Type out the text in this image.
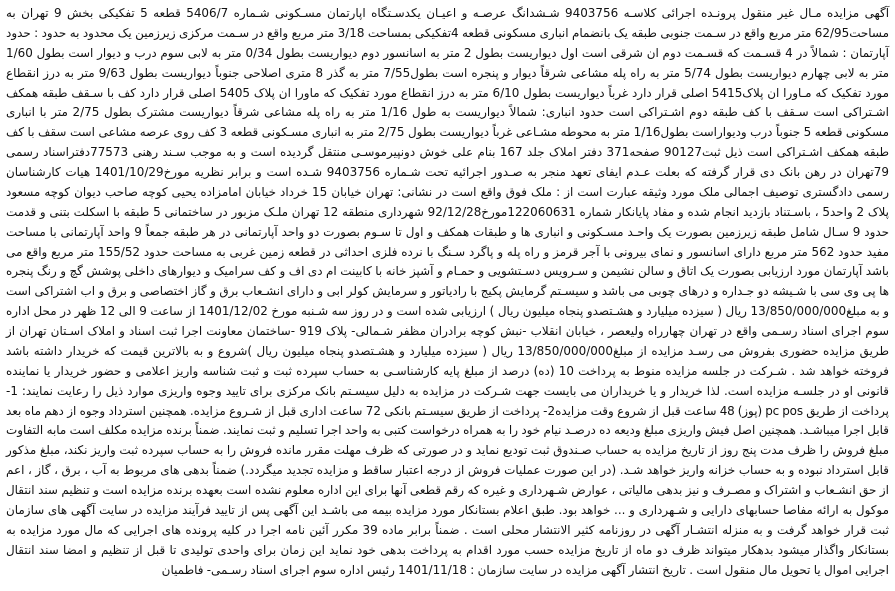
آگهی مزایده مـال غیر منقول پرونـده اجرائی کلاسـه 9403756 شـشدانگ عرصـه و اعیـان یکدسـتگاه اپارتمان مسـکونی شـماره 5406/7 قطعه 5 تفکیکی بخش 9 تهران به مساحت62/95 متر مربع واقع در سـمت جنوبی طبقه یک بانضمام انباری مسکونی قطعه 4تفکیکی بمساحت 3/18 متر مربع واقع در سـمت مرکزی زیرزمین یک محدود به حدود : حدود آپارتمان : شمالاً در 4 قسـمت که قسـمت دوم ان شرقی است اول دیواریست بطول 2 متر به اسانسور دوم دیواریست بطول 0/34 متر به لابی سوم درب و دیوار است بطول 1/60 متر به لابی چهارم دیواریست بطول 5/74 متر به راه پله مشاعی شرقاً دیوار و پنجره است بطول7/55 متر به گذر 8 متری اصلاحی جنوباً دیواریست بطول 9/63 متر به درز انقطاع مورد تفکیک که مـاورا ان پلاک5415 اصلی قرار دارد غرباً دیواریست بطول 6/10 متر به درز انقطاع مورد تفکیک که ماورا ان پلاک 5405 اصلی قرار دارد کف با سـقف طبقه همکف اشـتراکی است سـقف با کف طبقه دوم اشـتراکی است حدود انباری: شمالاً دیواریست به طول 1/16 متر به راه پله مشاعی شرقاً دیواریست مشترک بطول 2/75 متر با انباری مسکونی قطعه 5 جنوباً درب ودیواراست بطول1/16 متر به محوطه مشـاعی غرباً دیواریست بطول 2/75 متر به انباری مسـکونی قطعه 3 کف روی عرصه مشاعی است سقف با کف طبقه همکف اشـتراکی است ذیل ثبت90127 صفحه371 دفتر املاک جلد 167 بنام علی خوش دونپیرموسـی منتقل گردیده است و به موجب سـند رهنی 77573دفتراسناد رسمی 79تهران در رهن بانک دی قرار گرفته که بعلت عـدم ایفای تعهد منجر به صـدور اجرائیه تحت شـماره 9403756 شـده است و برابر نظریه مورخ1401/10/29 هیات کارشناسان رسمی دادگستری توصیف اجمالی ملک مورد وثیقه عبارت است از : ملک فوق واقع است در نشانی: تهران خیابان 15 خرداد خیابان امامزاده یحیی کوچه صاحب دیوان کوچه مسعود پلاک 2 واحد5 ، باسـتناد بازدید انجام شده و مفاد پایانکار شماره 122060631مورخ92/12/28 شهرداری منطقه 12 تهران ملـک مزبور در ساختمانی 5 طبقه با اسکلت بتنی و قدمت حدود 9 سـال شامل طبقه زیرزمین بصورت یک واحـد مسـکونی و انباری ها و طبقات همکف و اول تا سـوم بصورت دو واحد آپارتمانی در هر طبقه جمعاً 9 واحد آپارتمانی با مساحت مفید حدود 562 متر مربع دارای اسانسور و نمای بیرونی با آجر قرمز و راه پله و پاگرد سـنگ با نرده فلزی احداثی در قطعه زمین غربی به مساحت حدود 155/52 متر مربع واقع می باشد آپارتمان مورد ارزیابی بصورت یک اتاق و سالن نشیمن و سـرویس دسـتشویی و حمـام و آشپز خانه با کابینت ام دی اف و کف سرامیک و دیوارهای داخلی پوشش گچ و رنگ پنجره ها پی وی سی با شـیشه دو جـداره و درهای چوبی می باشد و سیسـتم گرمایش پکیج با رادیاتور و سرمایش کولر ابی و دارای انشـعاب برق و گاز اختصاصی و برق و اب اشتراکی است و به مبلغ13/850/000/000 ریال ( سیزده میلیارد و هشـتصدو پنجاه میلیون ریال ) ارزیابی شده است و در روز سه شـنبه مورخ 1401/12/02 از ساعت 9 الی 12 ظهر در محل اداره سوم اجرای اسناد رسـمی واقع در تهران چهارراه ولیعصر ، خیابان انقلاب -نبش کوچه برادران مظفر شـمالی- پلاک 919 -ساختمان معاونت اجرا ثبت اسناد و املاک اسـتان تهران از طریق مزایده حضوری بفروش می رسـد مزایده از مبلغ13/850/000/000 ریال ( سیزده میلیارد و هشـتصدو پنجاه میلیون ریال )شروع و به بالاترین قیمت که خریدار داشته باشد فروخته خواهد شد . شـرکت در جلسه مزایده منوط به پرداخت 10 (ده) درصد از مبلغ پایه کارشناسـی به حساب سپرده ثبت و ثبت شناسه واریز اعلامی و حضور خریدار یا نماینده قانونی او در جلسـه مزایده است. لذا خریدار و یا خریداران می بایست جهت شـرکت در مزایده به دلیل سیسـتم بانک مرکزی برای تایید وجوه واریزی موارد ذیل را رعایت نمایند: 1- پرداخت از طریق pc pos (پوز) 48 ساعت قبل از شروع وقت مزایده2- پرداخت از طریق سیسـتم بانکی 72 ساعت اداری قبل از شـروع مزایده. همچنین استرداد وجوه از دهم ماه بعد قابل اجرا میباشـد. همچنین اصل فیش واریزی مبلغ ودیعه ده درصـد نیام خود را به همراه درخواست کتبی به واحد اجرا تسلیم و ثبت نمایند. ضمناً برنده مزایده مکلف است مابه التفاوت مبلغ فروش را ظرف مدت پنج روز از تاریخ مزایده به حساب صـندوق ثبت تودیع نماید و در صورتی که ظرف مهلت مقرر مانده فروش را به حساب سپرده ثبت واریز نکند، مبلغ مذکور قابل استرداد نبوده و به حساب خزانه واریز خواهد شـد. (در این صورت عملیات فروش از درجه اعتبار ساقط و مزایده تجدید میگردد.) ضمناً بدهی های مربوط به آب ، برق ، گاز ، اعم از حق انشـعاب و اشتراک و مصـرف و نیز بدهی مالیاتی ، عوارض شـهرداری و غیره که رقم قطعی آنها برای این اداره معلوم نشده است بعهده برنده مزایده است و تنظیم سند انتقال موکول به ارائه مفاصا حسابهای دارایی و شـهرداری و ... خواهد بود. طبق اعلام بستانکار مورد مزایده بیمه می باشـد این آگهی پس از تایید فرآیند مزایده در سایت آگهی های سازمان ثبت قرار خواهد گرفت و به منزله انتشـار آگهی در روزنامه کثیر الانتشار محلی است . ضمناً برابر ماده 39 مکرر آئین نامه اجرا در کلیه پرونده های اجرایی که مال مورد مزایده به بستانکار واگذار میشود بدهکار میتواند ظرف دو ماه از تاریخ مزایده حسب مورد اقدام به پرداخت بدهی خود نماید این زمان برای واحدی تولیدی تا قبل از تنظیم و امضا سند انتقال اجرایی اموال یا تحویل مال منقول است . تاریخ انتشار آگهی مزایده در سایت سازمان : 1401/11/18 رئیس اداره سوم اجرای اسناد رسـمی- فاطمیان
